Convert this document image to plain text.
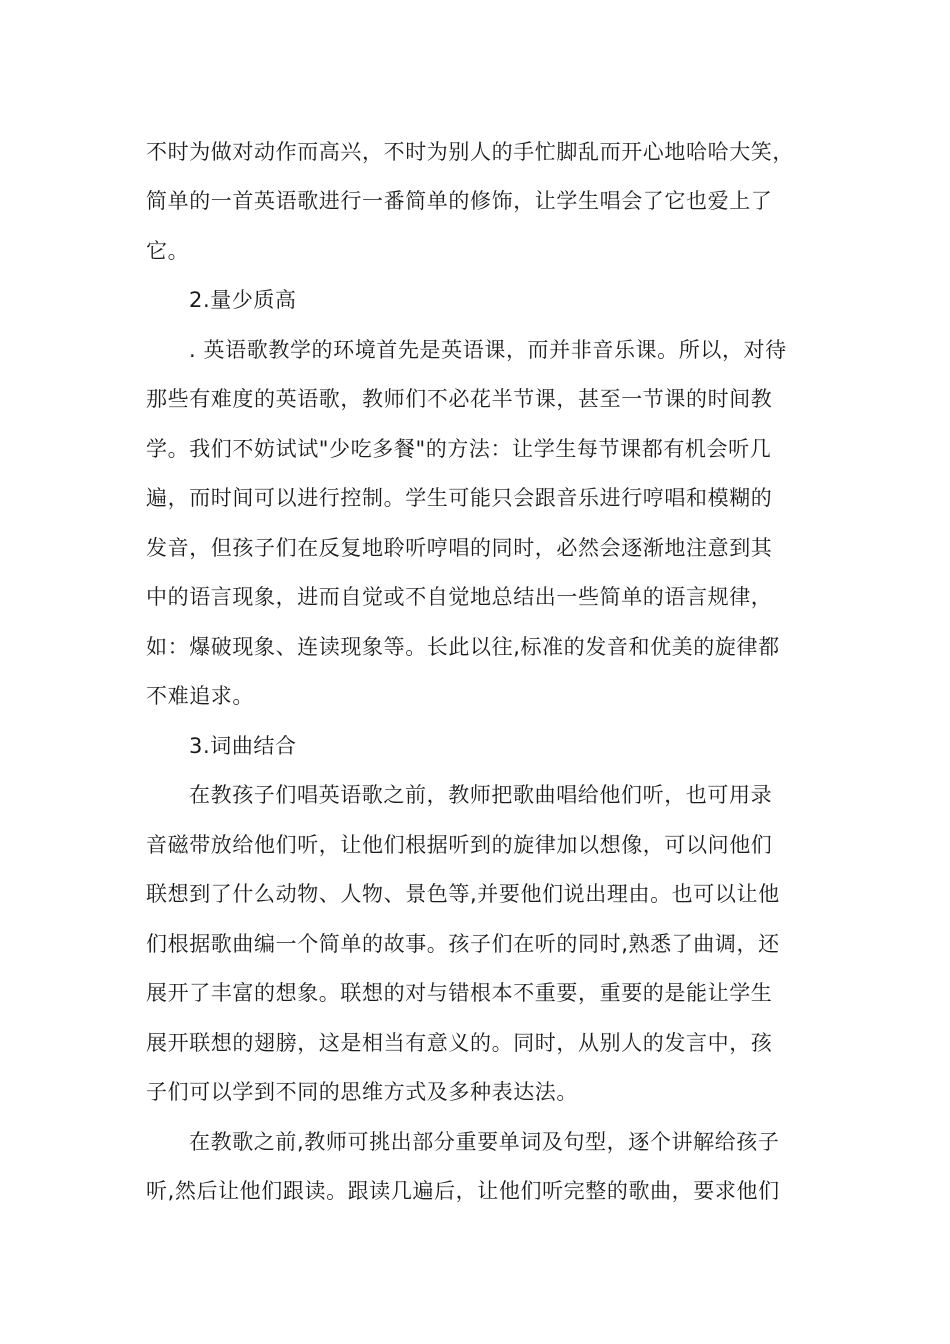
不时为做对动作而高兴，不时为别人的手忙脚乱而开心地哈哈大笑，
简单的一首英语歌进行一番简单的修饰，让学生唱会了它也爱上了
它。
2.量少质高
. 英语歌教学的环境首先是英语课，而并非音乐课。所以，对待
那些有难度的英语歌，教师们不必花半节课，甚至一节课的时间教
学。我们不妨试试"少吃多餐"的方法：让学生每节课都有机会听几
遍，而时间可以进行控制。学生可能只会跟音乐进行哼唱和模糊的
发音，但孩子们在反复地聆听哼唱的同时，必然会逐渐地注意到其
中的语言现象，进而自觉或不自觉地总结出一些简单的语言规律，
如：爆破现象、连读现象等。长此以往,标准的发音和优美的旋律都
不难追求。
3.词曲结合
在教孩子们唱英语歌之前，教师把歌曲唱给他们听，也可用录
音磁带放给他们听，让他们根据听到的旋律加以想像，可以问他们
联想到了什么动物、人物、景色等,并要他们说出理由。也可以让他
们根据歌曲编一个简单的故事。孩子们在听的同时,熟悉了曲调，还
展开了丰富的想象。联想的对与错根本不重要，重要的是能让学生
展开联想的翅膀，这是相当有意义的。同时，从别人的发言中，孩
子们可以学到不同的思维方式及多种表达法。
在教歌之前,教师可挑出部分重要单词及句型，逐个讲解给孩子
听,然后让他们跟读。跟读几遍后，让他们听完整的歌曲，要求他们
